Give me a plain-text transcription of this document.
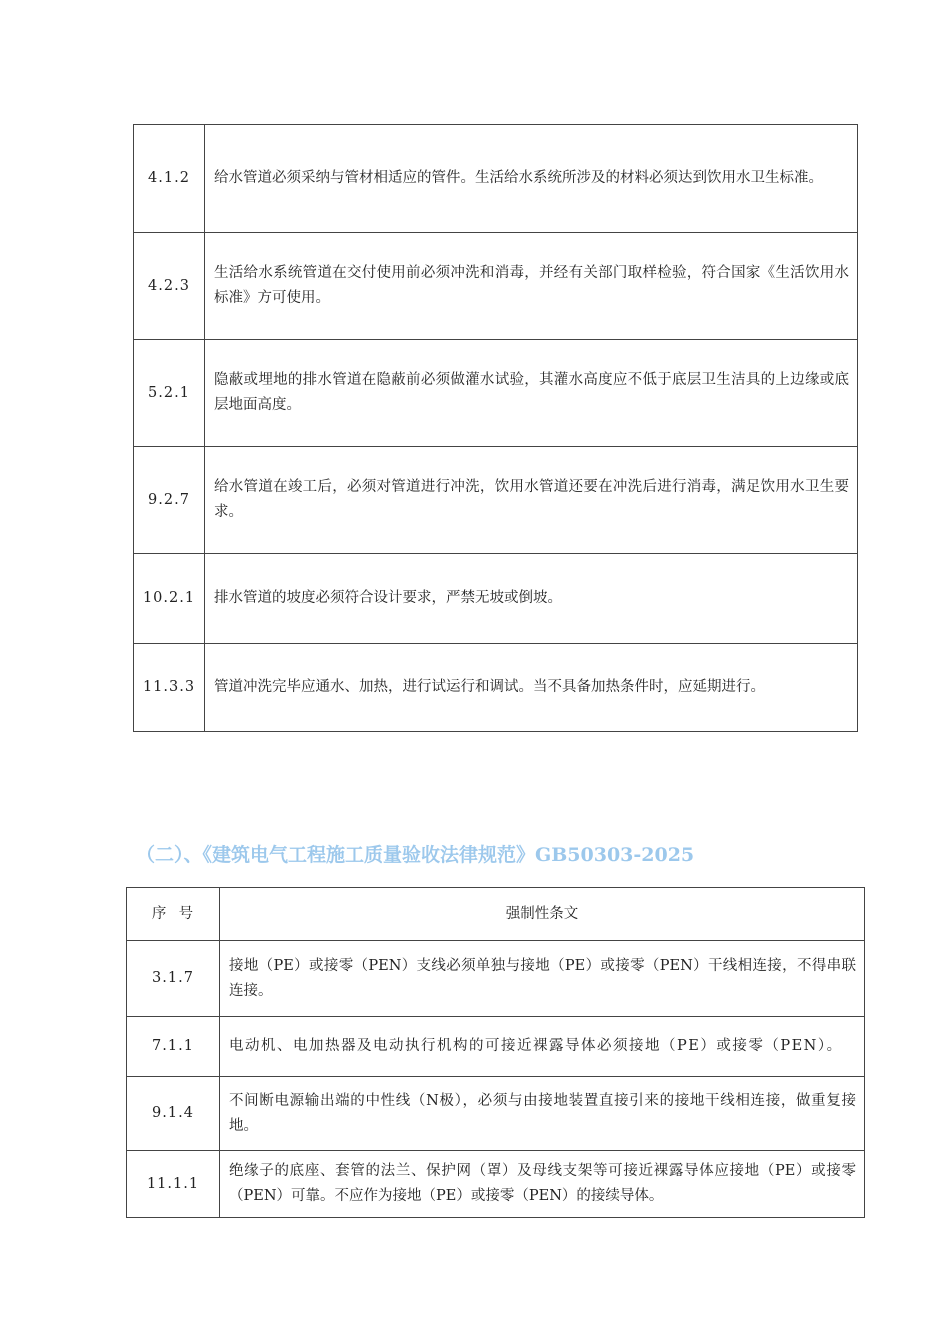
4.1.2	给水管道必须采纳与管材相适应的管件。生活给水系统所涉及的材料必须达到饮用水卫生标准。
4.2.3	生活给水系统管道在交付使用前必须冲洗和消毒，并经有关部门取样检验，符合国家《生活饮用水标准》方可使用。
5.2.1	隐蔽或埋地的排水管道在隐蔽前必须做灌水试验，其灌水高度应不低于底层卫生洁具的上边缘或底层地面高度。
9.2.7	给水管道在竣工后，必须对管道进行冲洗，饮用水管道还要在冲洗后进行消毒，满足饮用水卫生要求。
10.2.1	排水管道的坡度必须符合设计要求，严禁无坡或倒坡。
11.3.3	管道冲洗完毕应通水、加热，进行试运行和调试。当不具备加热条件时，应延期进行。
（二）、《建筑电气工程施工质量验收法律规范》GB50303-2025
序  号	强制性条文
3.1.7	接地（PE）或接零（PEN）支线必须单独与接地（PE）或接零（PEN）干线相连接，不得串联连接。
7.1.1	电动机、电加热器及电动执行机构的可接近裸露导体必须接地（PE）或接零（PEN）。
9.1.4	不间断电源输出端的中性线（N极），必须与由接地装置直接引来的接地干线相连接，做重复接地。
11.1.1	绝缘子的底座、套管的法兰、保护网（罩）及母线支架等可接近裸露导体应接地（PE）或接零（PEN）可靠。不应作为接地（PE）或接零（PEN）的接续导体。
